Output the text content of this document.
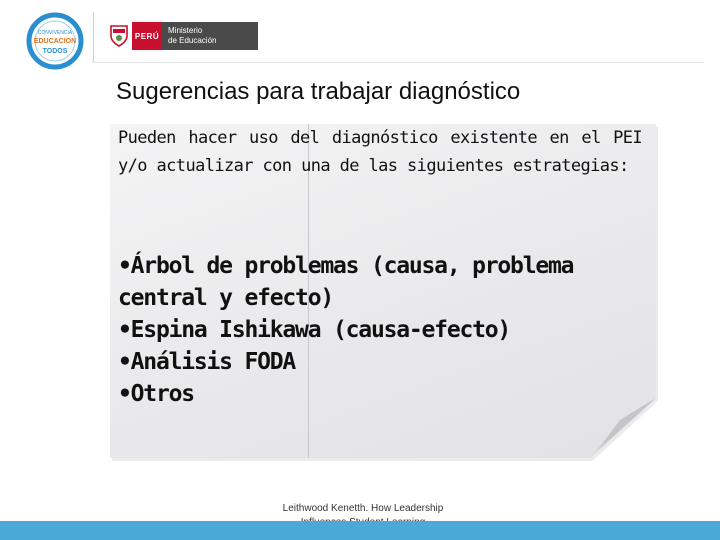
CONVIVENCIA
EDUCACION
TODOS
PERÚ
Ministerio
de Educación
Sugerencias para trabajar diagnóstico

Pueden hacer uso del diagnóstico existente en el PEI y/o actualizar con una de las siguientes estrategias:

•Árbol de problemas (causa, problema central y efecto)
•Espina Ishikawa (causa-efecto)
•Análisis FODA
•Otros
Leithwood Kenetth. How Leadership
